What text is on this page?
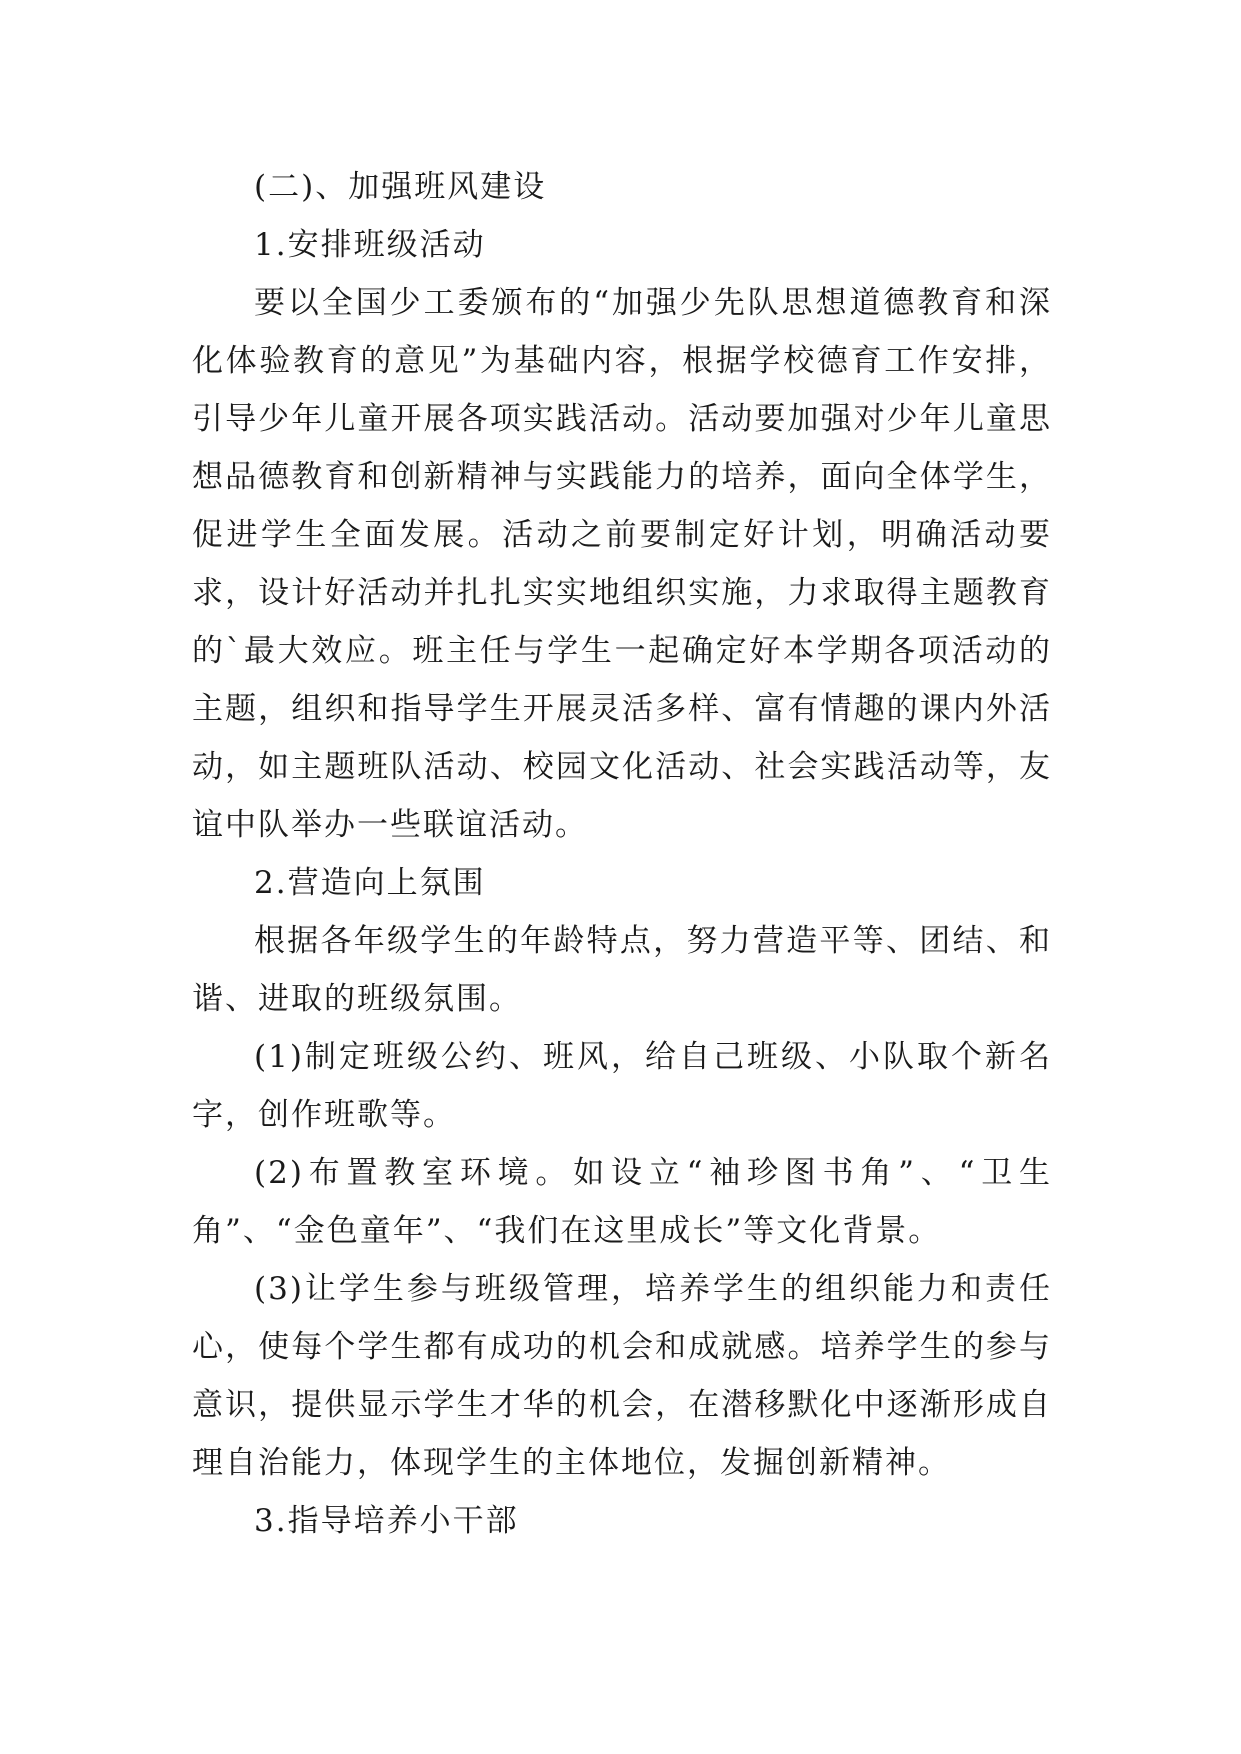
(二)、加强班风建设

1.安排班级活动

要以全国少工委颁布的“加强少先队思想道德教育和深化体验教育的意见”为基础内容，根据学校德育工作安排，引导少年儿童开展各项实践活动。活动要加强对少年儿童思想品德教育和创新精神与实践能力的培养，面向全体学生，促进学生全面发展。活动之前要制定好计划，明确活动要求，设计好活动并扎扎实实地组织实施，力求取得主题教育的`最大效应。班主任与学生一起确定好本学期各项活动的主题，组织和指导学生开展灵活多样、富有情趣的课内外活动，如主题班队活动、校园文化活动、社会实践活动等，友谊中队举办一些联谊活动。

2.营造向上氛围

根据各年级学生的年龄特点，努力营造平等、团结、和谐、进取的班级氛围。

(1)制定班级公约、班风，给自己班级、小队取个新名字，创作班歌等。

(2)布置教室环境。如设立“袖珍图书角”、“卫生角”、“金色童年”、“我们在这里成长”等文化背景。

(3)让学生参与班级管理，培养学生的组织能力和责任心，使每个学生都有成功的机会和成就感。培养学生的参与意识，提供显示学生才华的机会，在潜移默化中逐渐形成自理自治能力，体现学生的主体地位，发掘创新精神。

3.指导培养小干部
